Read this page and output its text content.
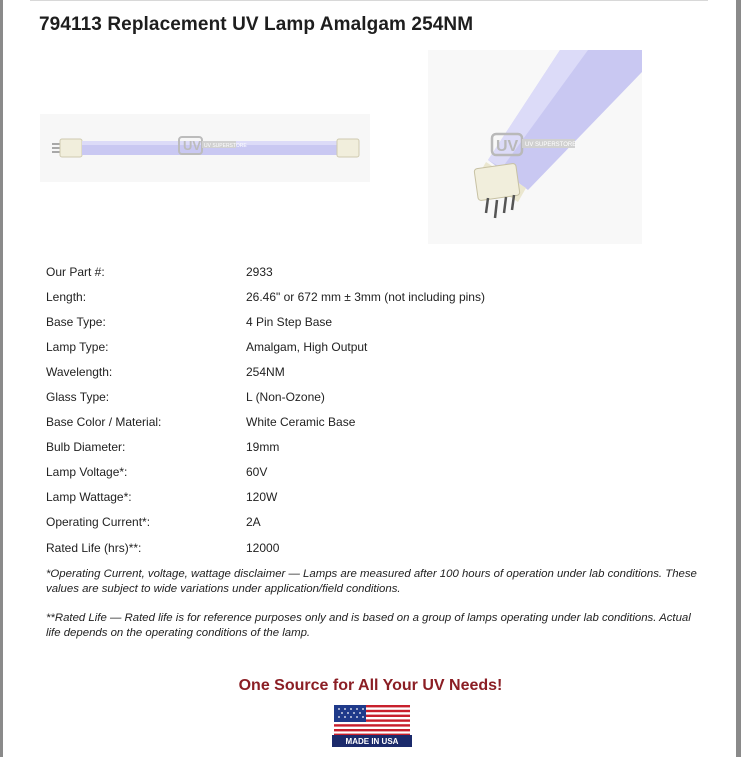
794113 Replacement UV Lamp Amalgam 254NM
UV UV SUPERSTORE	UV UV SUPERSTORE
Our Part #:	2933
Length:	26.46" or 672 mm ± 3mm (not including pins)
Base Type:	4 Pin Step Base
Lamp Type:	Amalgam, High Output
Wavelength:	254NM
Glass Type:	L (Non-Ozone)
Base Color / Material:	White Ceramic Base
Bulb Diameter:	19mm
Lamp Voltage*:	60V
Lamp Wattage*:	120W
Operating Current*:	2A
Rated Life (hrs)**:	12000

*Operating Current, voltage, wattage disclaimer — Lamps are measured after 100 hours of operation under lab conditions. These values are subject to wide variations under application/field conditions.

**Rated Life — Rated life is for reference purposes only and is based on a group of lamps operating under lab conditions. Actual life depends on the operating conditions of the lamp.

One Source for All Your UV Needs!
MADE IN USA
